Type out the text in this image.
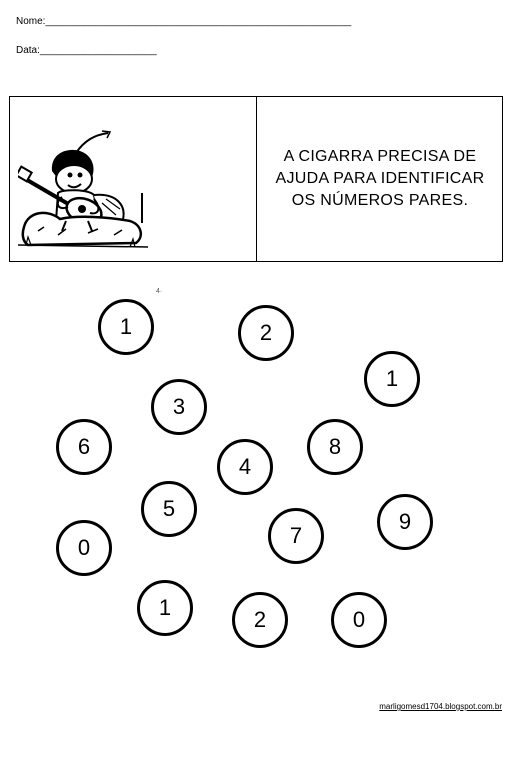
Nome:_______________________________________________________
Data:_____________________
A CIGARRA PRECISA DE
AJUDA PARA IDENTIFICAR
OS NÚMEROS PARES.
4·
1	2
1
3
6	8
4
5
9
0	7
1	2	0
marligomesd1704.blogspot.com.br
